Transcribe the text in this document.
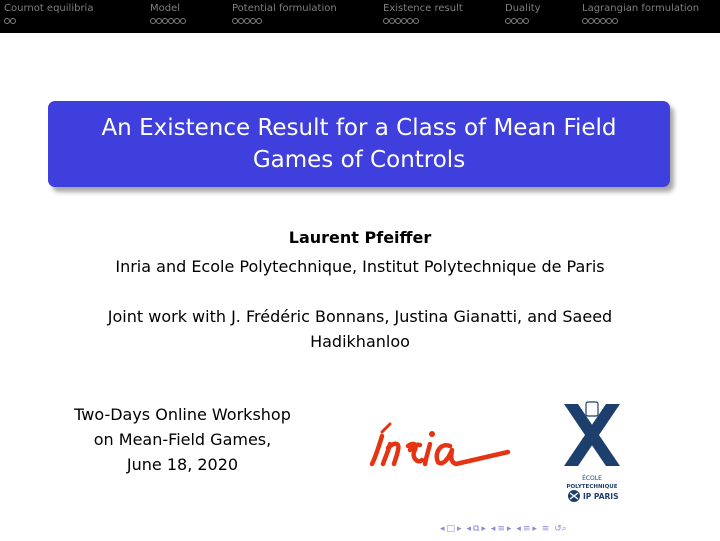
Cournot equilibria	Model	Potential formulation	Existence result	Duality	Lagrangian formulation
An Existence Result for a Class of Mean Field Games of Controls
Laurent Pfeiffer
Inria and Ecole Polytechnique, Institut Polytechnique de Paris
Joint work with J. Frédéric Bonnans, Justina Gianatti, and Saeed Hadikhanloo
Two-Days Online Workshop
on Mean-Field Games,
June 18, 2020
ℓ'
ÉCOLE
POLYTECHNIQUE
IP PARIS
◂ □ ▸ ◂ ⧉ ▸ ◂ ≡ ▸ ◂ ≡ ▸ ≡ ↺⌕
